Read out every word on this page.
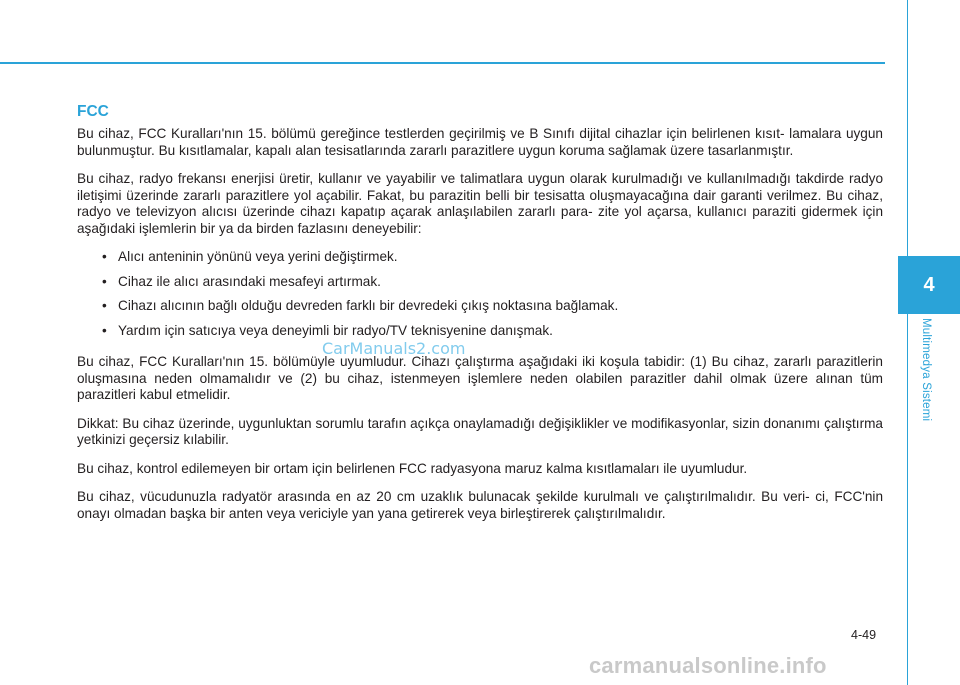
4
Multimedya Sistemi
FCC

Bu cihaz, FCC Kuralları'nın 15. bölümü gereğince testlerden geçirilmiş ve B Sınıfı dijital cihazlar için belirlenen kısıt- lamalara uygun bulunmuştur. Bu kısıtlamalar, kapalı alan tesisatlarında zararlı parazitlere uygun koruma sağlamak üzere tasarlanmıştır.

Bu cihaz, radyo frekansı enerjisi üretir, kullanır ve yayabilir ve talimatlara uygun olarak kurulmadığı ve kullanılmadığı takdirde radyo iletişimi üzerinde zararlı parazitlere yol açabilir. Fakat, bu parazitin belli bir tesisatta oluşmayacağına dair garanti verilmez. Bu cihaz, radyo ve televizyon alıcısı üzerinde cihazı kapatıp açarak anlaşılabilen zararlı para- zite yol açarsa, kullanıcı paraziti gidermek için aşağıdaki işlemlerin bir ya da birden fazlasını deneyebilir:

• Alıcı anteninin yönünü veya yerini değiştirmek.
• Cihaz ile alıcı arasındaki mesafeyi artırmak.
• Cihazı alıcının bağlı olduğu devreden farklı bir devredeki çıkış noktasına bağlamak.
• Yardım için satıcıya veya deneyimli bir radyo/TV teknisyenine danışmak.

Bu cihaz, FCC Kuralları'nın 15. bölümüyle uyumludur. Cihazı çalıştırma aşağıdaki iki koşula tabidir: (1) Bu cihaz, zararlı parazitlerin oluşmasına neden olmamalıdır ve (2) bu cihaz, istenmeyen işlemlere neden olabilen parazitler dahil olmak üzere alınan tüm parazitleri kabul etmelidir.

Dikkat: Bu cihaz üzerinde, uygunluktan sorumlu tarafın açıkça onaylamadığı değişiklikler ve modifikasyonlar, sizin donanımı çalıştırma yetkinizi geçersiz kılabilir.

Bu cihaz, kontrol edilemeyen bir ortam için belirlenen FCC radyasyona maruz kalma kısıtlamaları ile uyumludur.

Bu cihaz, vücudunuzla radyatör arasında en az 20 cm uzaklık bulunacak şekilde kurulmalı ve çalıştırılmalıdır. Bu veri- ci, FCC'nin onayı olmadan başka bir anten veya vericiyle yan yana getirerek veya birleştirerek çalıştırılmalıdır.

CarManuals2.com
4-49
carmanualsonline.info
